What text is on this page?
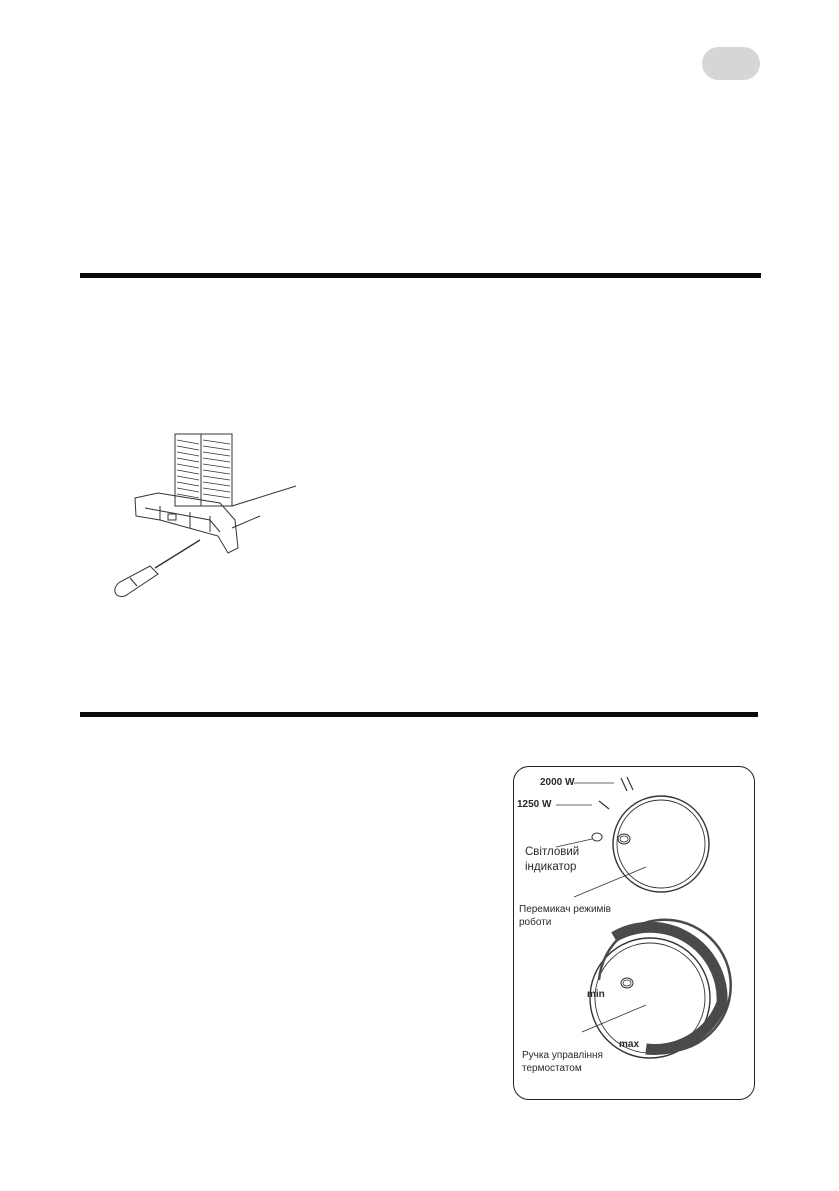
2000 W
1250 W
Світловий
індикатор
Перемикач режимів
роботи
min
max
Ручка управління
термостатом
